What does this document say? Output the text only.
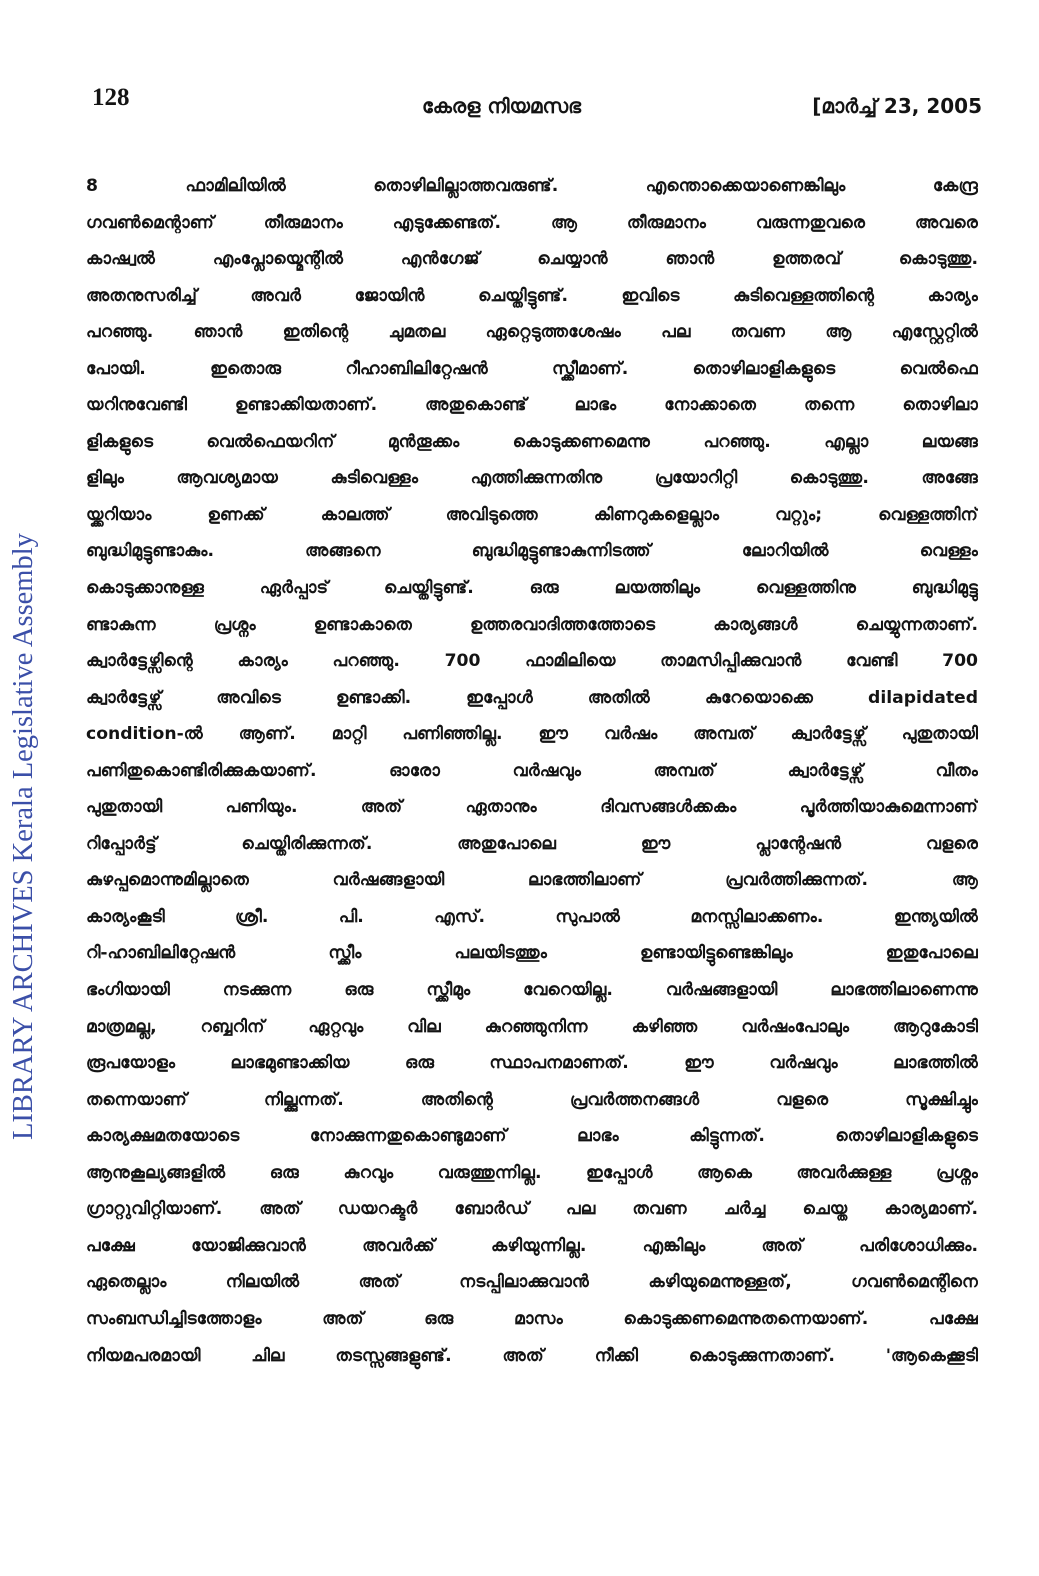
128	കേരള നിയമസഭ	[മാർച്ച് 23, 2005
LIBRARY ARCHIVES Kerala Legislative Assembly
8 ഫാമിലിയിൽ തൊഴിലില്ലാത്തവരുണ്ട്. എന്തൊക്കെയാണെങ്കിലും കേന്ദ്ര
ഗവൺമെന്റാണ് തീരുമാനം എടുക്കേണ്ടത്. ആ തീരുമാനം വരുന്നതുവരെ അവരെ
കാഷ്വൽ എംപ്ലോയ്മെന്റിൽ എൻഗേജ് ചെയ്യാൻ ഞാൻ ഉത്തരവ് കൊടുത്തു.
അതനുസരിച്ച് അവർ ജോയിൻ ചെയ്തിട്ടുണ്ട്. ഇവിടെ കുടിവെള്ളത്തിന്റെ കാര്യം
പറഞ്ഞു. ഞാൻ ഇതിന്റെ ചുമതല ഏറ്റെടുത്തശേഷം പല തവണ ആ എസ്റ്റേറ്റിൽ
പോയി. ഇതൊരു റീഹാബിലിറ്റേഷൻ സ്ക്കീമാണ്. തൊഴിലാളികളുടെ വെൽഫെ
യറിനുവേണ്ടി ഉണ്ടാക്കിയതാണ്. അതുകൊണ്ട് ലാഭം നോക്കാതെ തന്നെ തൊഴിലാ
ളികളുടെ വെൽഫെയറിന് മുൻതൂക്കം കൊടുക്കണമെന്നു പറഞ്ഞു. എല്ലാ ലയങ്ങ
ളിലും ആവശ്യമായ കുടിവെള്ളം എത്തിക്കുന്നതിനു പ്രയോറിറ്റി കൊടുത്തു. അങ്ങേ
യ്ക്കറിയാം ഉണക്ക് കാലത്ത് അവിടുത്തെ കിണറുകളെല്ലാം വറ്റും; വെള്ളത്തിന്
ബുദ്ധിമുട്ടുണ്ടാകും. അങ്ങനെ ബുദ്ധിമുട്ടുണ്ടാകുന്നിടത്ത് ലോറിയിൽ വെള്ളം
കൊടുക്കാനുള്ള ഏർപ്പാട് ചെയ്തിട്ടുണ്ട്. ഒരു ലയത്തിലും വെള്ളത്തിനു ബുദ്ധിമുട്ടു
ണ്ടാകുന്ന പ്രശ്നം ഉണ്ടാകാതെ ഉത്തരവാദിത്തത്തോടെ കാര്യങ്ങൾ ചെയ്യുന്നതാണ്.
ക്വാർട്ടേഴ്സിന്റെ കാര്യം പറഞ്ഞു. 700 ഫാമിലിയെ താമസിപ്പിക്കുവാൻ വേണ്ടി 700
ക്വാർട്ടേഴ്സ് അവിടെ ഉണ്ടാക്കി. ഇപ്പോൾ അതിൽ കുറേയൊക്കെ dilapidated
condition-ൽ ആണ്. മാറ്റി പണിഞ്ഞില്ല. ഈ വർഷം അമ്പത് ക്വാർട്ടേഴ്സ് പുതുതായി
പണിതുകൊണ്ടിരിക്കുകയാണ്. ഓരോ വർഷവും അമ്പത് ക്വാർട്ടേഴ്സ് വീതം
പുതുതായി പണിയും. അത് ഏതാനും ദിവസങ്ങൾക്കകം പൂർത്തിയാകുമെന്നാണ്
റിപ്പോർട്ട് ചെയ്തിരിക്കുന്നത്. അതുപോലെ ഈ പ്ലാന്റേഷൻ വളരെ
കുഴപ്പമൊന്നുമില്ലാതെ വർഷങ്ങളായി ലാഭത്തിലാണ് പ്രവർത്തിക്കുന്നത്. ആ
കാര്യംകൂടി ശ്രീ. പി. എസ്. സുപാൽ മനസ്സിലാക്കണം. ഇന്ത്യയിൽ
റി-ഹാബിലിറ്റേഷൻ സ്ക്കീം പലയിടത്തും ഉണ്ടായിട്ടുണ്ടെങ്കിലും ഇതുപോലെ
ഭംഗിയായി നടക്കുന്ന ഒരു സ്ക്കീമും വേറെയില്ല. വർഷങ്ങളായി ലാഭത്തിലാണെന്നു
മാത്രമല്ല, റബ്ബറിന് ഏറ്റവും വില കുറഞ്ഞുനിന്ന കഴിഞ്ഞ വർഷംപോലും ആറുകോടി
രൂപയോളം ലാഭമുണ്ടാക്കിയ ഒരു സ്ഥാപനമാണത്. ഈ വർഷവും ലാഭത്തിൽ
തന്നെയാണ് നില്ക്കുന്നത്. അതിന്റെ പ്രവർത്തനങ്ങൾ വളരെ സൂക്ഷിച്ചും
കാര്യക്ഷമതയോടെ നോക്കുന്നതുകൊണ്ടുമാണ് ലാഭം കിട്ടുന്നത്. തൊഴിലാളികളുടെ
ആനുകൂല്യങ്ങളിൽ ഒരു കുറവും വരുത്തുന്നില്ല. ഇപ്പോൾ ആകെ അവർക്കുള്ള പ്രശ്നം
ഗ്രാറ്റുവിറ്റിയാണ്. അത് ഡയറക്ടർ ബോർഡ് പല തവണ ചർച്ച ചെയ്ത കാര്യമാണ്.
പക്ഷേ യോജിക്കുവാൻ അവർക്ക് കഴിയുന്നില്ല. എങ്കിലും അത് പരിശോധിക്കും.
ഏതെല്ലാം നിലയിൽ അത് നടപ്പിലാക്കുവാൻ കഴിയുമെന്നുള്ളത്, ഗവൺമെന്റിനെ
സംബന്ധിച്ചിടത്തോളം അത് ഒരു മാസം കൊടുക്കണമെന്നുതന്നെയാണ്. പക്ഷേ
നിയമപരമായി ചില തടസ്സങ്ങളുണ്ട്. അത് നീക്കി കൊടുക്കുന്നതാണ്. 'ആകെക്കൂടി
